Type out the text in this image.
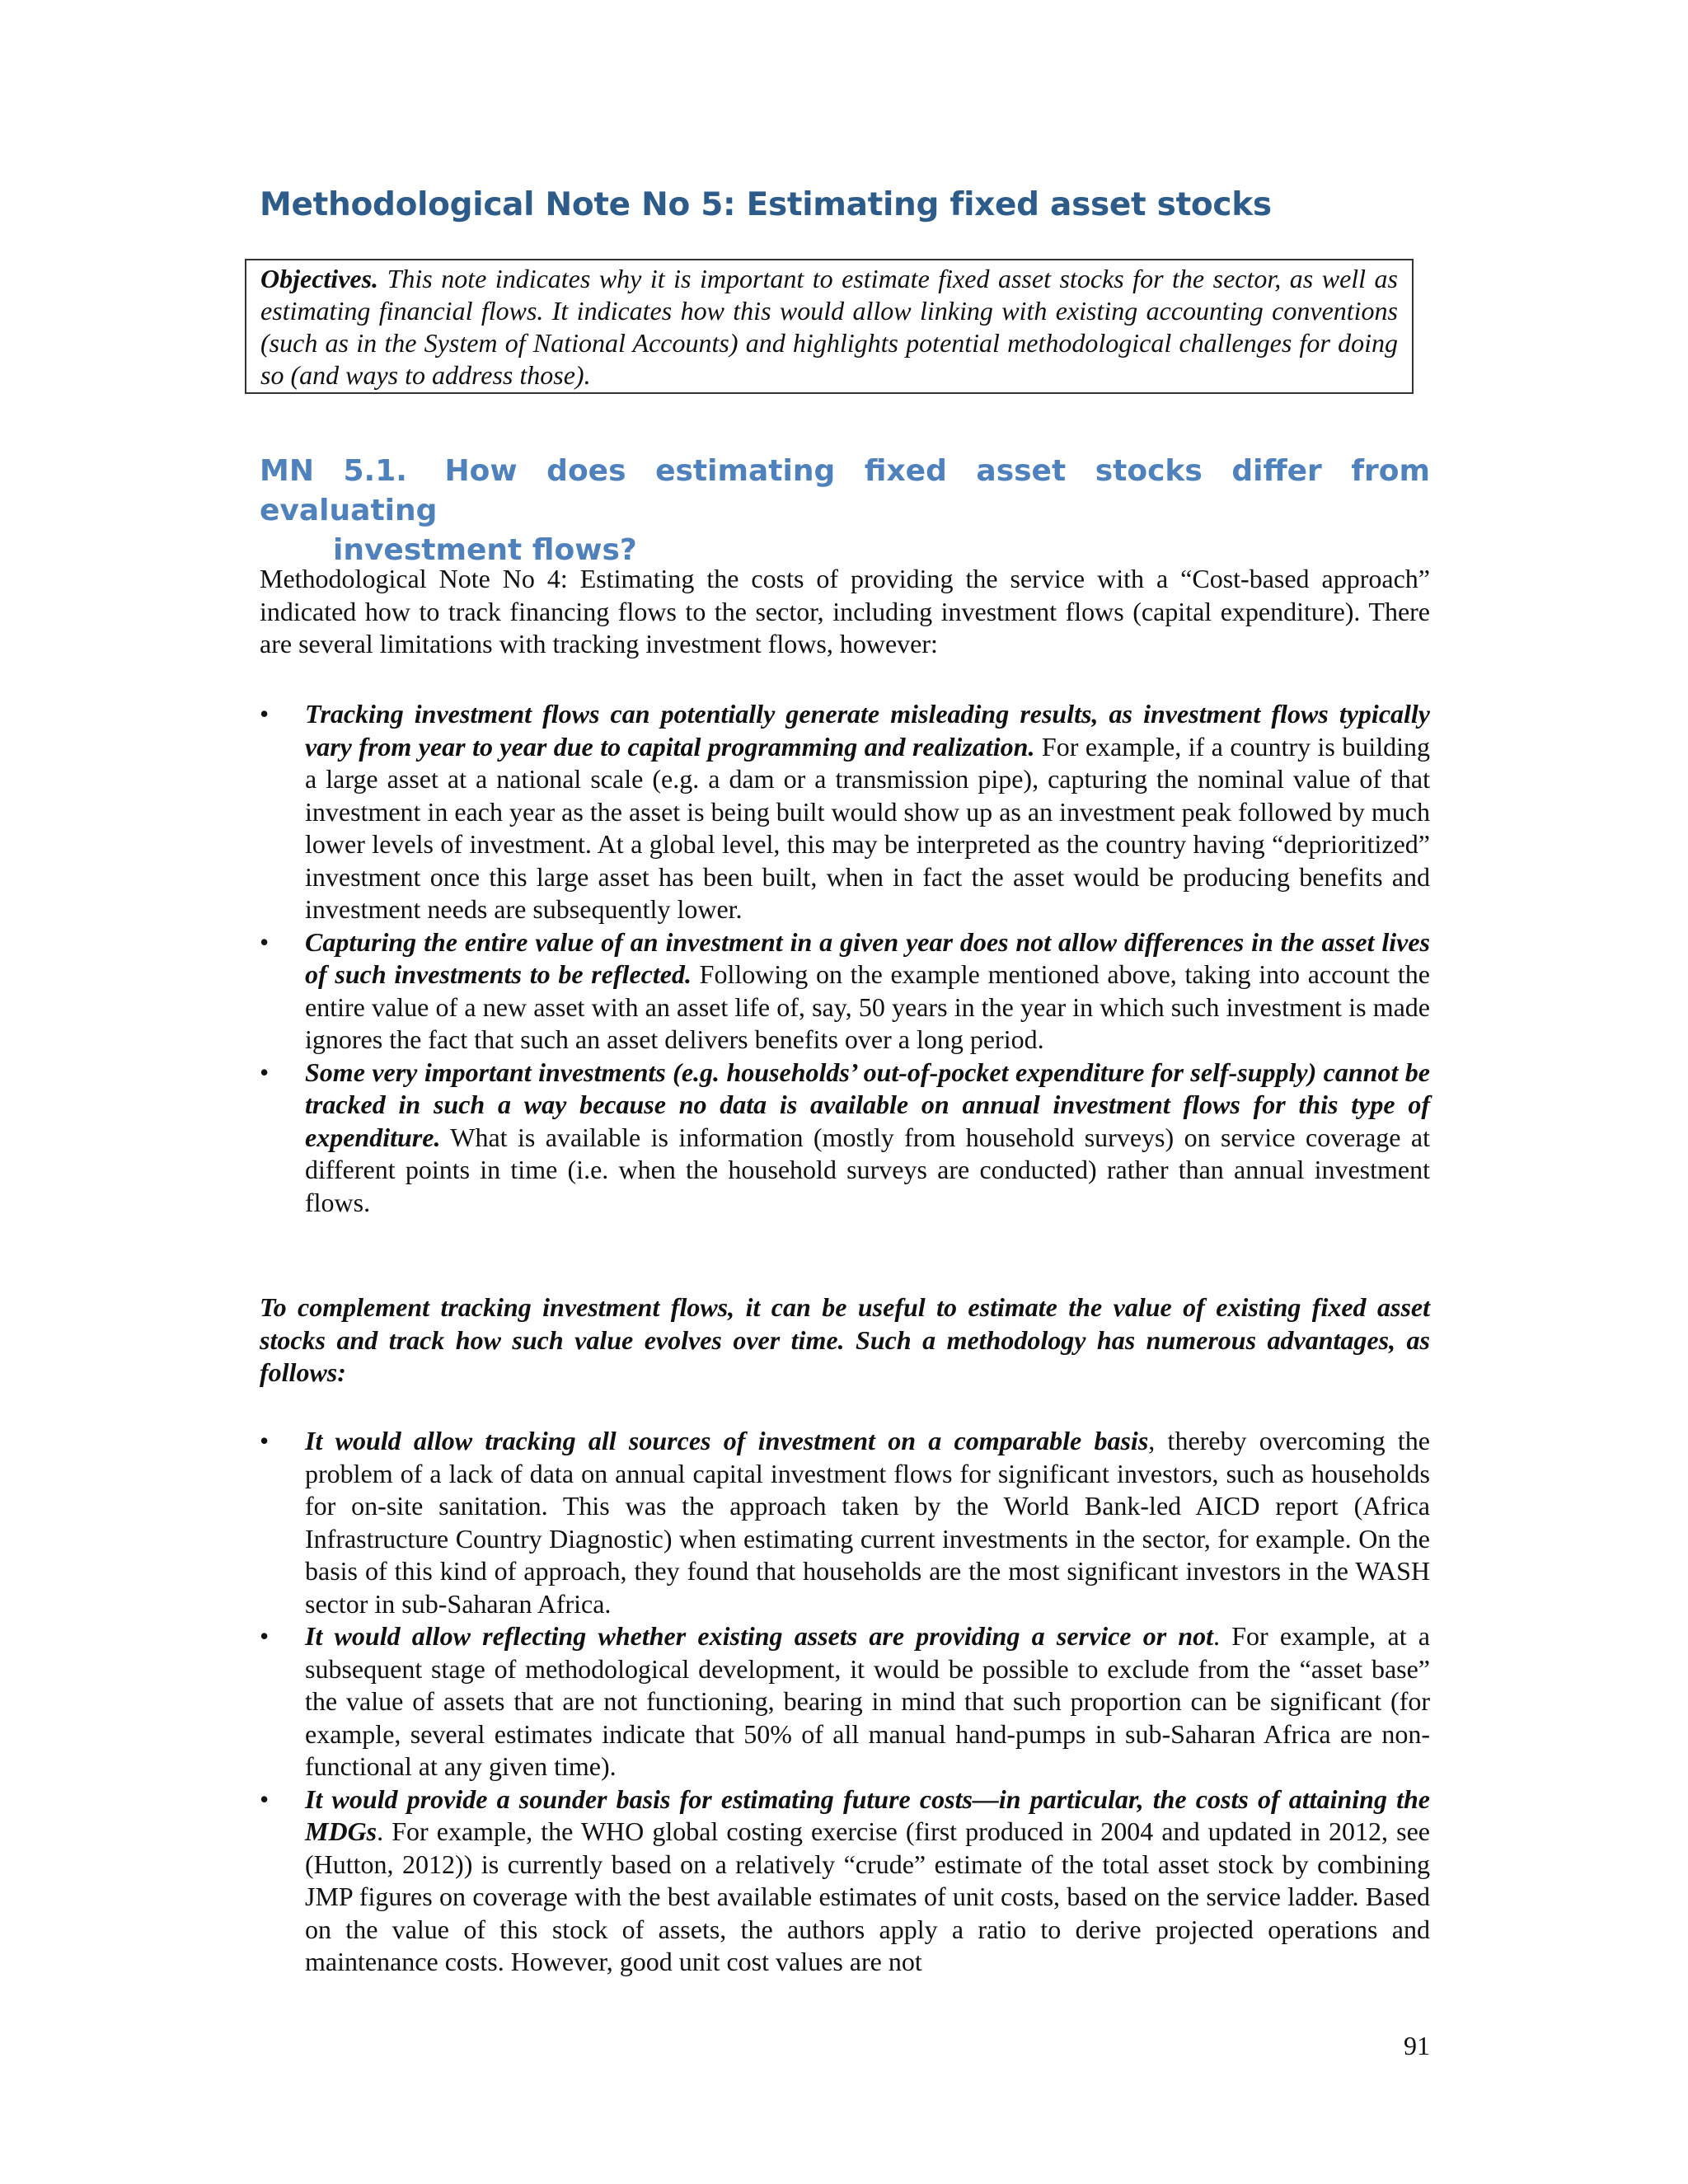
Methodological Note No 5: Estimating fixed asset stocks
Objectives. This note indicates why it is important to estimate fixed asset stocks for the sector, as well as estimating financial flows. It indicates how this would allow linking with existing accounting conventions (such as in the System of National Accounts) and highlights potential methodological challenges for doing so (and ways to address those).
MN 5.1. How does estimating fixed asset stocks differ from evaluating
investment flows?

Methodological Note No 4: Estimating the costs of providing the service with a “Cost-based approach” indicated how to track financing flows to the sector, including investment flows (capital expenditure). There are several limitations with tracking investment flows, however:

• Tracking investment flows can potentially generate misleading results, as investment flows typically vary from year to year due to capital programming and realization. For example, if a country is building a large asset at a national scale (e.g. a dam or a transmission pipe), capturing the nominal value of that investment in each year as the asset is being built would show up as an investment peak followed by much lower levels of investment. At a global level, this may be interpreted as the country having “deprioritized” investment once this large asset has been built, when in fact the asset would be producing benefits and investment needs are subsequently lower.
• Capturing the entire value of an investment in a given year does not allow differences in the asset lives of such investments to be reflected. Following on the example mentioned above, taking into account the entire value of a new asset with an asset life of, say, 50 years in the year in which such investment is made ignores the fact that such an asset delivers benefits over a long period.
• Some very important investments (e.g. households’ out-of-pocket expenditure for self-supply) cannot be tracked in such a way because no data is available on annual investment flows for this type of expenditure. What is available is information (mostly from household surveys) on service coverage at different points in time (i.e. when the household surveys are conducted) rather than annual investment flows.

To complement tracking investment flows, it can be useful to estimate the value of existing fixed asset stocks and track how such value evolves over time. Such a methodology has numerous advantages, as follows:

• It would allow tracking all sources of investment on a comparable basis, thereby overcoming the problem of a lack of data on annual capital investment flows for significant investors, such as households for on-site sanitation. This was the approach taken by the World Bank-led AICD report (Africa Infrastructure Country Diagnostic) when estimating current investments in the sector, for example. On the basis of this kind of approach, they found that households are the most significant investors in the WASH sector in sub-Saharan Africa.
• It would allow reflecting whether existing assets are providing a service or not. For example, at a subsequent stage of methodological development, it would be possible to exclude from the “asset base” the value of assets that are not functioning, bearing in mind that such proportion can be significant (for example, several estimates indicate that 50% of all manual hand-pumps in sub-Saharan Africa are non-functional at any given time).
• It would provide a sounder basis for estimating future costs—in particular, the costs of attaining the MDGs. For example, the WHO global costing exercise (first produced in 2004 and updated in 2012, see (Hutton, 2012)) is currently based on a relatively “crude” estimate of the total asset stock by combining JMP figures on coverage with the best available estimates of unit costs, based on the service ladder. Based on the value of this stock of assets, the authors apply a ratio to derive projected operations and maintenance costs. However, good unit cost values are not
91
